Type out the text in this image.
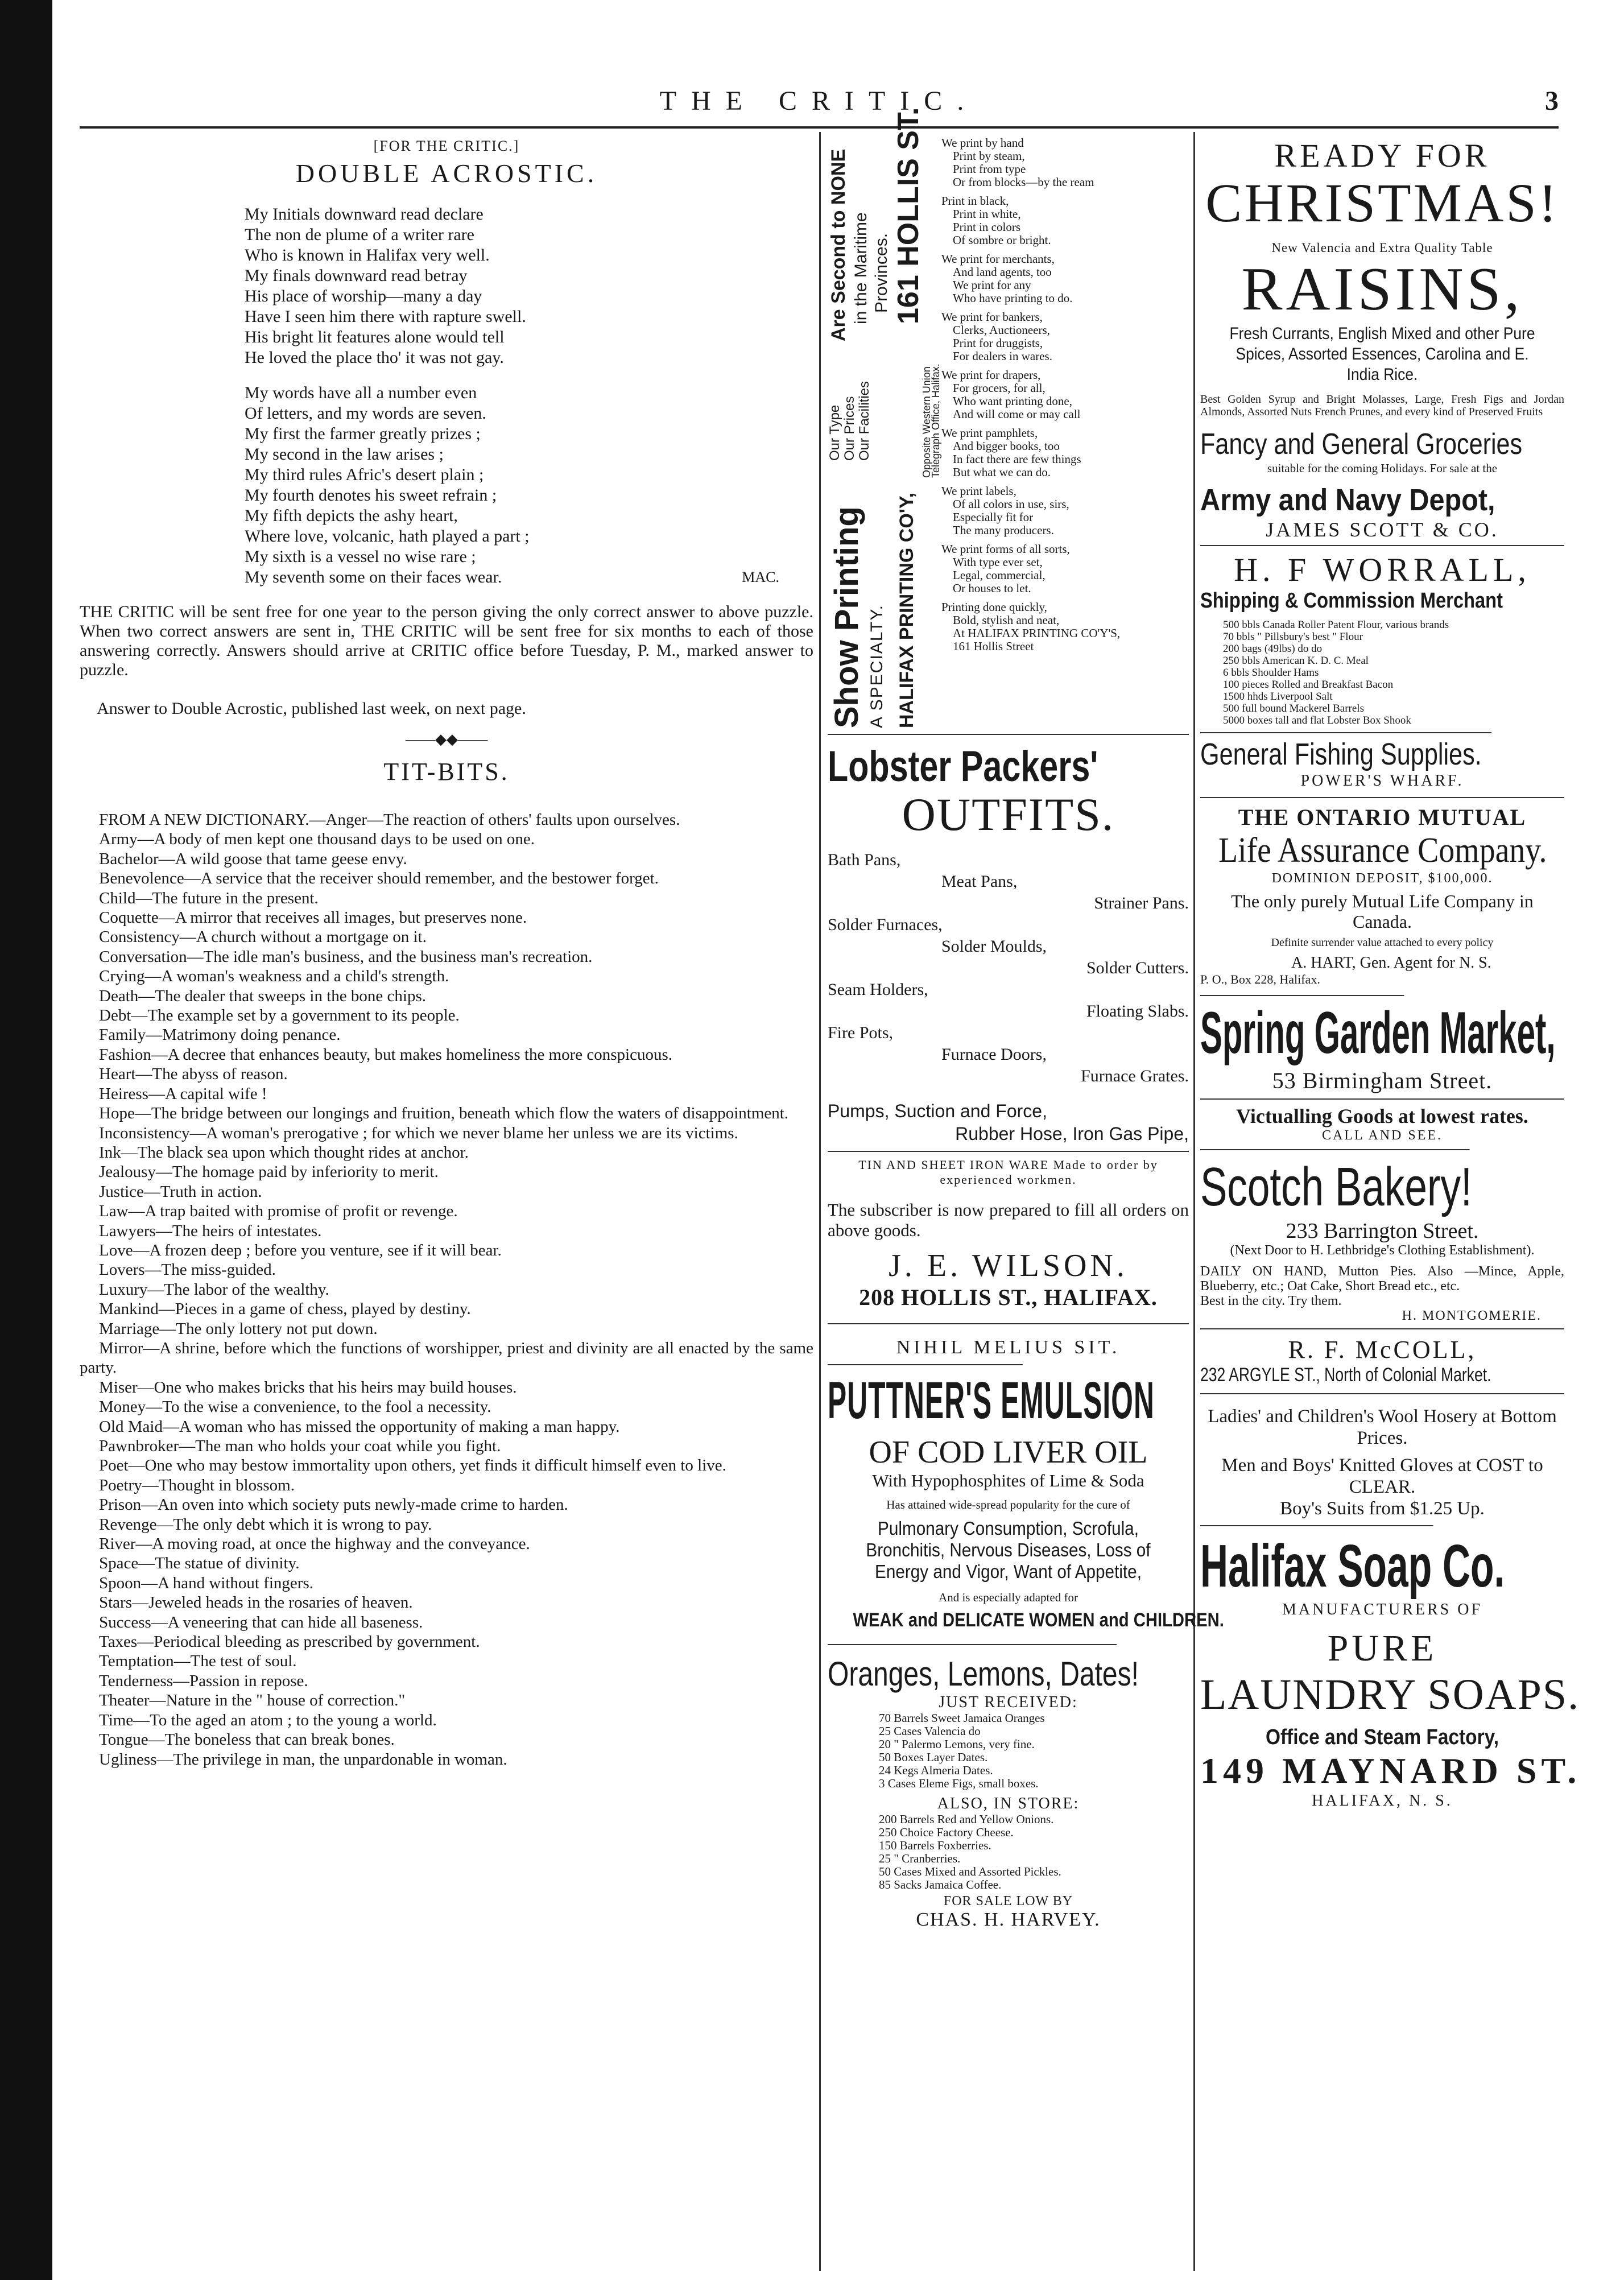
THE CRITIC.	3
[FOR THE CRITIC.]
DOUBLE ACROSTIC.
My Initials downward read declare
The non de plume of a writer rare
Who is known in Halifax very well.
My finals downward read betray
His place of worship—many a day
Have I seen him there with rapture swell.
His bright lit features alone would tell
He loved the place tho' it was not gay.
My words have all a number even
Of letters, and my words are seven.
My first the farmer greatly prizes ;
My second in the law arises ;
My third rules Afric's desert plain ;
My fourth denotes his sweet refrain ;
My fifth depicts the ashy heart,
Where love, volcanic, hath played a part ;
My sixth is a vessel no wise rare ;
My seventh some on their faces wear.	MAC.
THE CRITIC will be sent free for one year to the person giving the only correct answer to above puzzle. When two correct answers are sent in, THE CRITIC will be sent free for six months to each of those answering correctly. Answers should arrive at CRITIC office before Tuesday, P. M., marked answer to puzzle.
Answer to Double Acrostic, published last week, on next page.
——◆◆——
TIT-BITS.
FROM A NEW DICTIONARY.—Anger—The reaction of others' faults upon ourselves.
Army—A body of men kept one thousand days to be used on one.
Bachelor—A wild goose that tame geese envy.
Benevolence—A service that the receiver should remember, and the bestower forget.
Child—The future in the present.
Coquette—A mirror that receives all images, but preserves none.
Consistency—A church without a mortgage on it.
Conversation—The idle man's business, and the business man's recreation.
Crying—A woman's weakness and a child's strength.
Death—The dealer that sweeps in the bone chips.
Debt—The example set by a government to its people.
Family—Matrimony doing penance.
Fashion—A decree that enhances beauty, but makes homeliness the more conspicuous.
Heart—The abyss of reason.
Heiress—A capital wife !
Hope—The bridge between our longings and fruition, beneath which flow the waters of disappointment.
Inconsistency—A woman's prerogative ; for which we never blame her unless we are its victims.
Ink—The black sea upon which thought rides at anchor.
Jealousy—The homage paid by inferiority to merit.
Justice—Truth in action.
Law—A trap baited with promise of profit or revenge.
Lawyers—The heirs of intestates.
Love—A frozen deep ; before you venture, see if it will bear.
Lovers—The miss-guided.
Luxury—The labor of the wealthy.
Mankind—Pieces in a game of chess, played by destiny.
Marriage—The only lottery not put down.
Mirror—A shrine, before which the functions of worshipper, priest and divinity are all enacted by the same party.
Miser—One who makes bricks that his heirs may build houses.
Money—To the wise a convenience, to the fool a necessity.
Old Maid—A woman who has missed the opportunity of making a man happy.
Pawnbroker—The man who holds your coat while you fight.
Poet—One who may bestow immortality upon others, yet finds it difficult himself even to live.
Poetry—Thought in blossom.
Prison—An oven into which society puts newly-made crime to harden.
Revenge—The only debt which it is wrong to pay.
River—A moving road, at once the highway and the conveyance.
Space—The statue of divinity.
Spoon—A hand without fingers.
Stars—Jeweled heads in the rosaries of heaven.
Success—A veneering that can hide all baseness.
Taxes—Periodical bleeding as prescribed by government.
Temptation—The test of soul.
Tenderness—Passion in repose.
Theater—Nature in the " house of correction."
Time—To the aged an atom ; to the young a world.
Tongue—The boneless that can break bones.
Ugliness—The privilege in man, the unpardonable in woman.
Show Printing A SPECIALTY.
Our Type Our Prices Our Facilities
Are Second to NONE in the Maritime Provinces.
HALIFAX PRINTING CO'Y,
161 HOLLIS ST.
Opposite Western Union
Telegraph Office, Halifax.
We print by hand
Print by steam,
Print from type
Or from blocks—by the ream
Print in black,
Print in white,
Print in colors
Of sombre or bright.
We print for merchants,
And land agents, too
We print for any
Who have printing to do.
We print for bankers,
Clerks, Auctioneers,
Print for druggists,
For dealers in wares.
We print for drapers,
For grocers, for all,
Who want printing done,
And will come or may call
We print pamphlets,
And bigger books, too
In fact there are few things
But what we can do.
We print labels,
Of all colors in use, sirs,
Especially fit for
The many producers.
We print forms of all sorts,
With type ever set,
Legal, commercial,
Or houses to let.
Printing done quickly,
Bold, stylish and neat,
At HALIFAX PRINTING CO'Y'S,
161 Hollis Street
Lobster Packers'
OUTFITS.
Bath Pans,
Meat Pans,
Strainer Pans.
Solder Furnaces,
Solder Moulds,
Solder Cutters.
Seam Holders,
Floating Slabs.
Fire Pots,
Furnace Doors,
Furnace Grates.
Pumps, Suction and Force,
Rubber Hose, Iron Gas Pipe,
TIN AND SHEET IRON WARE Made to order by experienced workmen.
The subscriber is now prepared to fill all orders on above goods.
J. E. WILSON.
208 HOLLIS ST., HALIFAX.
NIHIL MELIUS SIT.
PUTTNER'S EMULSION
OF COD LIVER OIL
With Hypophosphites of Lime & Soda
Has attained wide-spread popularity for the cure of
Pulmonary Consumption, Scrofula, Bronchitis, Nervous Diseases, Loss of Energy and Vigor, Want of Appetite,
And is especially adapted for
WEAK and DELICATE WOMEN and CHILDREN.
Oranges, Lemons, Dates!
JUST RECEIVED:
70 Barrels Sweet Jamaica Oranges
25 Cases Valencia do
20 " Palermo Lemons, very fine.
50 Boxes Layer Dates.
24 Kegs Almeria Dates.
3 Cases Eleme Figs, small boxes.
ALSO, IN STORE:
200 Barrels Red and Yellow Onions.
250 Choice Factory Cheese.
150 Barrels Foxberries.
25 " Cranberries.
50 Cases Mixed and Assorted Pickles.
85 Sacks Jamaica Coffee.
FOR SALE LOW BY
CHAS. H. HARVEY.
READY FOR
CHRISTMAS!
New Valencia and Extra Quality Table
RAISINS,
Fresh Currants, English Mixed and other Pure Spices, Assorted Essences, Carolina and E. India Rice.
Best Golden Syrup and Bright Molasses, Large, Fresh Figs and Jordan Almonds, Assorted Nuts French Prunes, and every kind of Preserved Fruits
Fancy and General Groceries
suitable for the coming Holidays. For sale at the
Army and Navy Depot,
JAMES SCOTT & CO.
H. F WORRALL,
Shipping & Commission Merchant
500 bbls Canada Roller Patent Flour, various brands
70 bbls " Pillsbury's best " Flour
200 bags (49lbs) do do
250 bbls American K. D. C. Meal
6 bbls Shoulder Hams
100 pieces Rolled and Breakfast Bacon
1500 hhds Liverpool Salt
500 full bound Mackerel Barrels
5000 boxes tall and flat Lobster Box Shook
General Fishing Supplies.
POWER'S WHARF.
THE ONTARIO MUTUAL
Life Assurance Company.
DOMINION DEPOSIT, $100,000.
The only purely Mutual Life Company in Canada.
Definite surrender value attached to every policy
A. HART, Gen. Agent for N. S.
P. O., Box 228, Halifax.
Spring Garden Market,
53 Birmingham Street.
Victualling Goods at lowest rates.
CALL AND SEE.
Scotch Bakery!
233 Barrington Street.
(Next Door to H. Lethbridge's Clothing Establishment).
DAILY ON HAND, Mutton Pies. Also —Mince, Apple, Blueberry, etc.; Oat Cake, Short Bread etc., etc.
Best in the city. Try them.
H. MONTGOMERIE.
R. F. McCOLL,
232 ARGYLE ST., North of Colonial Market.
Ladies' and Children's Wool Hosery at Bottom Prices.
Men and Boys' Knitted Gloves at COST to CLEAR.
Boy's Suits from $1.25 Up.
Halifax Soap Co.
MANUFACTURERS OF
PURE
LAUNDRY SOAPS.
Office and Steam Factory,
149 MAYNARD ST.
HALIFAX, N. S.
